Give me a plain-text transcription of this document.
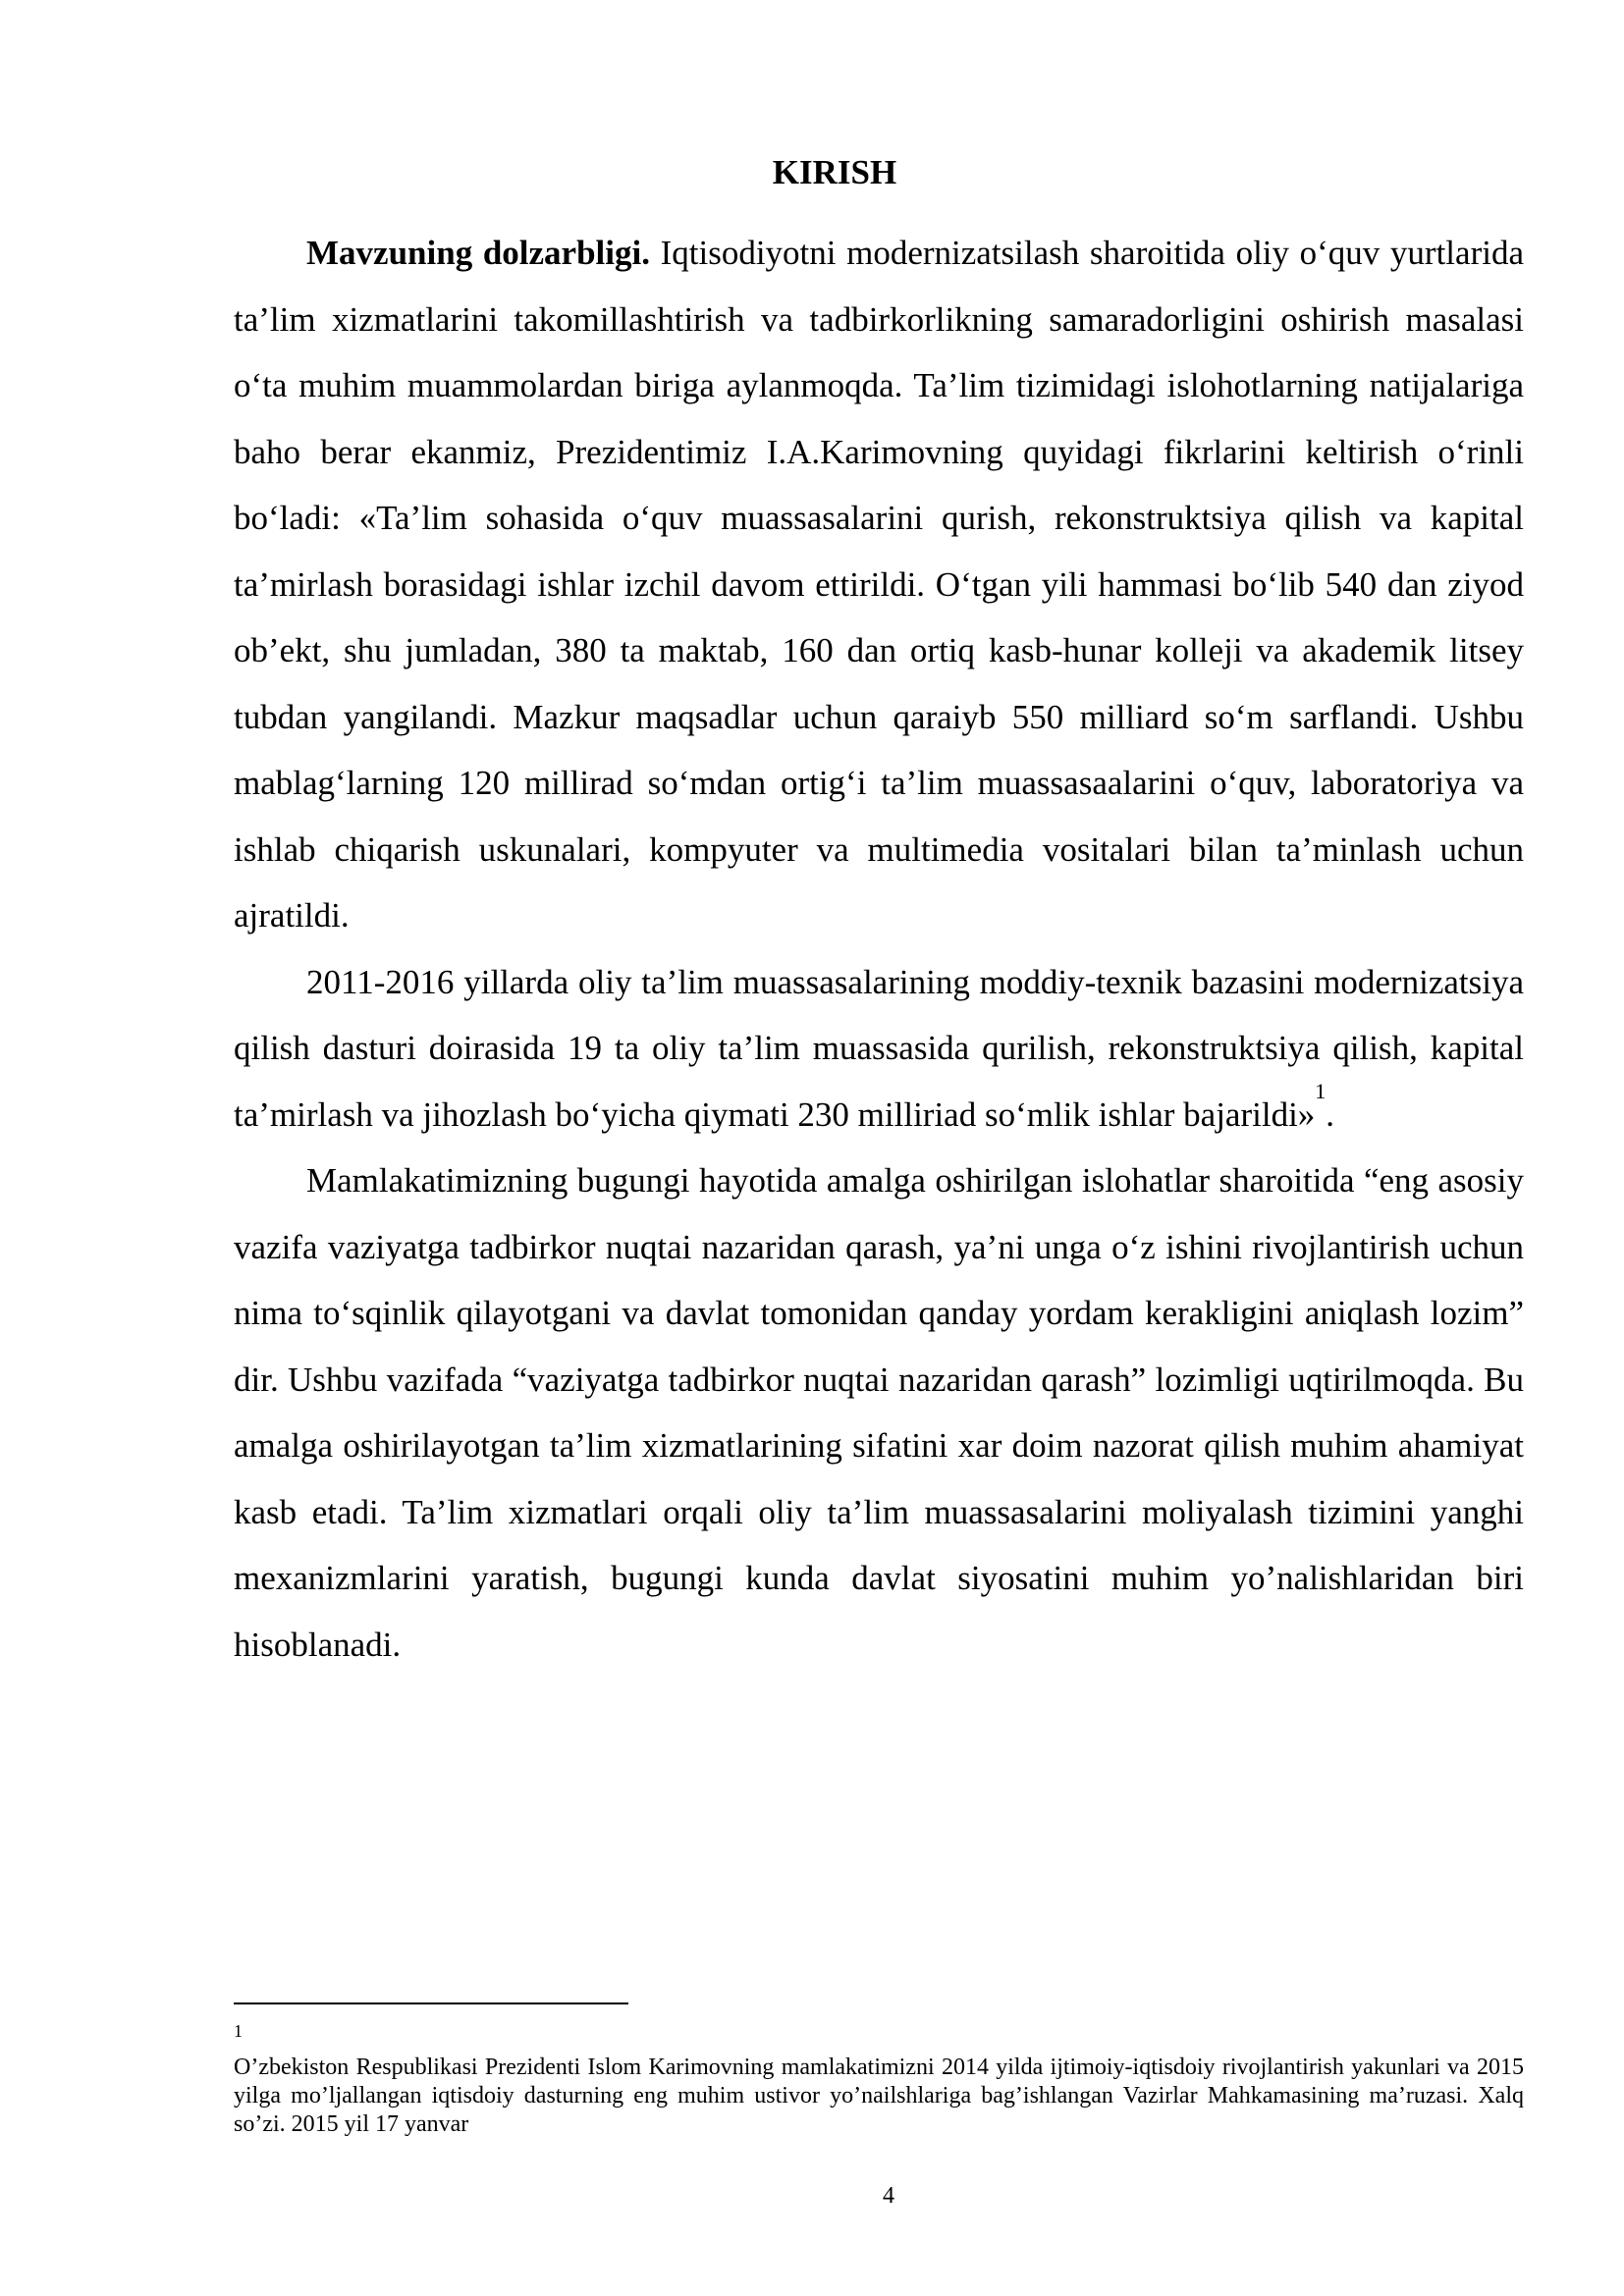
KIRISH

Mavzuning dolzarbligi. Iqtisodiyotni modernizatsilash sharoitida oliy o‘quv yurtlarida ta’lim xizmatlarini takomillashtirish va tadbirkorlikning samaradorligini oshirish masalasi o‘ta muhim muammolardan biriga aylanmoqda. Ta’lim tizimidagi islohotlarning natijalariga baho berar ekanmiz, Prezidentimiz I.A.Karimovning quyidagi fikrlarini keltirish o‘rinli bo‘ladi: «Ta’lim sohasida o‘quv muassasalarini qurish, rekonstruktsiya qilish va kapital ta’mirlash borasidagi ishlar izchil davom ettirildi. O‘tgan yili hammasi bo‘lib 540 dan ziyod ob’ekt, shu jumladan, 380 ta maktab, 160 dan ortiq kasb-hunar kolleji va akademik litsey tubdan yangilandi. Mazkur maqsadlar uchun qaraiyb 550 milliard so‘m sarflandi. Ushbu mablag‘larning 120 millirad so‘mdan ortig‘i ta’lim muassasaalarini o‘quv, laboratoriya va ishlab chiqarish uskunalari, kompyuter va multimedia vositalari bilan ta’minlash uchun ajratildi.

2011-2016 yillarda oliy ta’lim muassasalarining moddiy-texnik bazasini modernizatsiya qilish dasturi doirasida 19 ta oliy ta’lim muassasida qurilish, rekonstruktsiya qilish, kapital ta’mirlash va jihozlash bo‘yicha qiymati 230 milliriad so‘mlik ishlar bajarildi»$^1$.

Mamlakatimizning bugungi hayotida amalga oshirilgan islohatlar sharoitida “eng asosiy vazifa vaziyatga tadbirkor nuqtai nazaridan qarash, ya’ni unga o‘z ishini rivojlantirish uchun nima to‘sqinlik qilayotgani va davlat tomonidan qanday yordam kerakligini aniqlash lozim” dir. Ushbu vazifada “vaziyatga tadbirkor nuqtai nazaridan qarash” lozimligi uqtirilmoqda. Bu amalga oshirilayotgan ta’lim xizmatlarining sifatini xar doim nazorat qilish muhim ahamiyat kasb etadi. Ta’lim xizmatlari orqali oliy ta’lim muassasalarini moliyalash tizimini yanghi mexanizmlarini yaratish, bugungi kunda davlat siyosatini muhim yo’nalishlaridan biri hisoblanadi.

1
O’zbekiston Respublikasi Prezidenti Islom Karimovning mamlakatimizni 2014 yilda ijtimoiy-iqtisdoiy rivojlantirish yakunlari va 2015 yilga mo’ljallangan iqtisdoiy dasturning eng muhim ustivor yo’nailshlariga bag’ishlangan Vazirlar Mahkamasining ma’ruzasi. Xalq so’zi. 2015 yil 17 yanvar
4
